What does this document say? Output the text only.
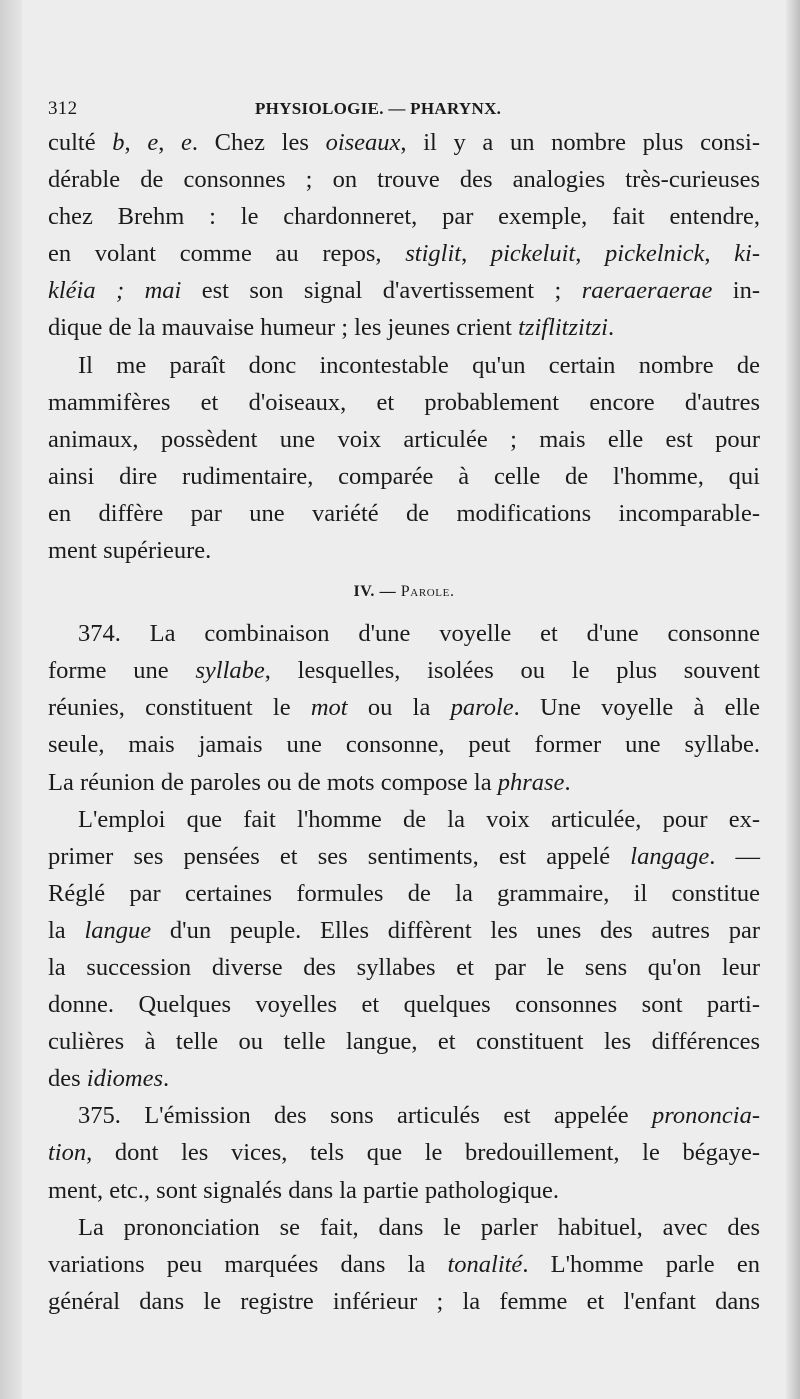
312	PHYSIOLOGIE. — PHARYNX.

culté b, e, e. Chez les oiseaux, il y a un nombre plus consi-
dérable de consonnes ; on trouve des analogies très-curieuses
chez Brehm : le chardonneret, par exemple, fait entendre,
en volant comme au repos, stiglit, pickeluit, pickelnick, ki-
kléia ; mai est son signal d'avertissement ; raeraeraerae in-
dique de la mauvaise humeur ; les jeunes crient tziflitzitzi.

Il me paraît donc incontestable qu'un certain nombre de
mammifères et d'oiseaux, et probablement encore d'autres
animaux, possèdent une voix articulée ; mais elle est pour
ainsi dire rudimentaire, comparée à celle de l'homme, qui
en diffère par une variété de modifications incomparable-
ment supérieure.

IV. — Parole.

374. La combinaison d'une voyelle et d'une consonne
forme une syllabe, lesquelles, isolées ou le plus souvent
réunies, constituent le mot ou la parole. Une voyelle à elle
seule, mais jamais une consonne, peut former une syllabe.
La réunion de paroles ou de mots compose la phrase.

L'emploi que fait l'homme de la voix articulée, pour ex-
primer ses pensées et ses sentiments, est appelé langage. —
Réglé par certaines formules de la grammaire, il constitue
la langue d'un peuple. Elles diffèrent les unes des autres par
la succession diverse des syllabes et par le sens qu'on leur
donne. Quelques voyelles et quelques consonnes sont parti-
culières à telle ou telle langue, et constituent les différences
des idiomes.

375. L'émission des sons articulés est appelée prononcia-
tion, dont les vices, tels que le bredouillement, le bégaye-
ment, etc., sont signalés dans la partie pathologique.

La prononciation se fait, dans le parler habituel, avec des
variations peu marquées dans la tonalité. L'homme parle en
général dans le registre inférieur ; la femme et l'enfant dans
